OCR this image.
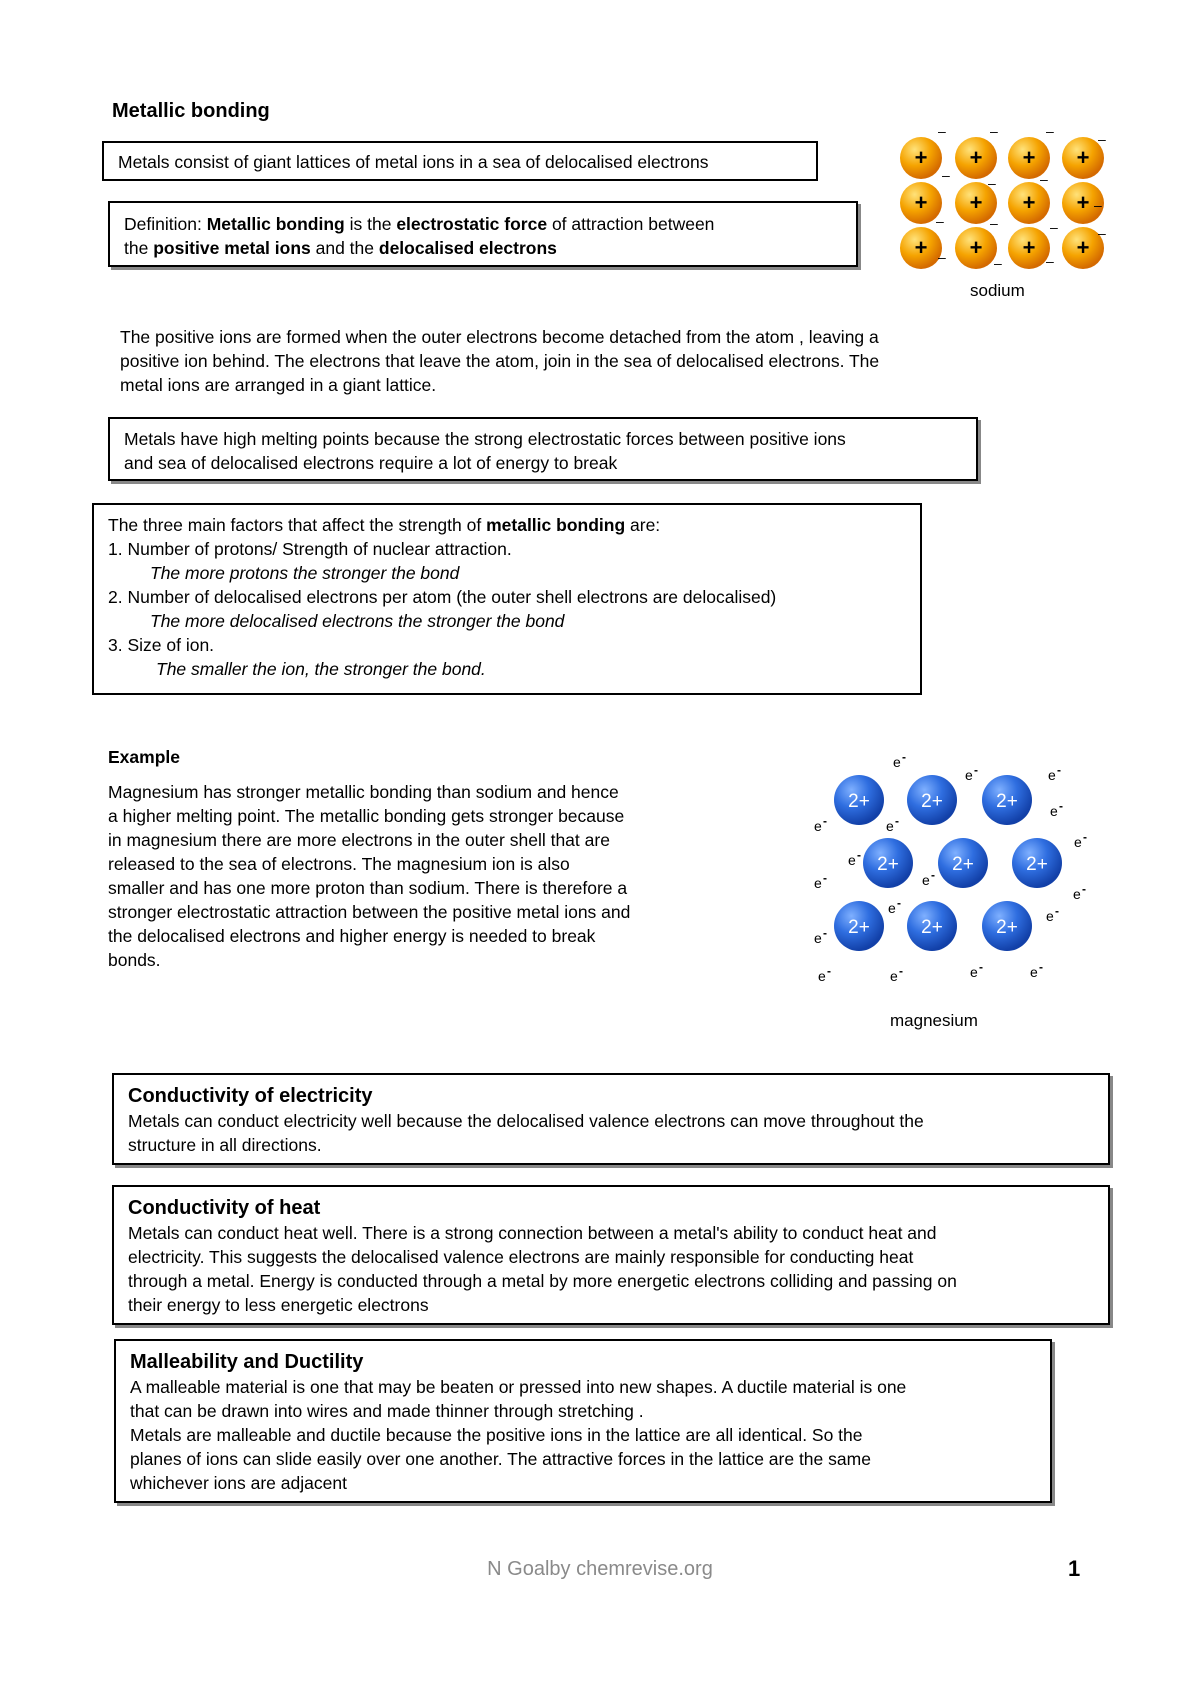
Metallic bonding
Metals consist of giant lattices of metal ions in a sea of delocalised electrons
Definition: Metallic bonding is the electrostatic force of attraction between
the positive metal ions and the delocalised electrons
+ + + +
+ + + +
+ + + +
–	–	–	–
–	–	–
–
–	–	–	–
–	–	–
sodium
The positive ions are formed when the outer electrons become detached from the atom , leaving a
positive ion behind. The electrons that leave the atom, join in the sea of delocalised electrons. The
metal ions are arranged in a giant lattice.
Metals have high melting points because the strong electrostatic forces between positive ions
and sea of delocalised electrons require a lot of energy to break
The three main factors that affect the strength of metallic bonding are:
1. Number of protons/ Strength of nuclear attraction.
The more protons the stronger the bond
2. Number of delocalised electrons per atom (the outer shell electrons are delocalised)
The more delocalised electrons the stronger the bond
3. Size of ion.
The smaller the ion, the stronger the bond.
Example
Magnesium has stronger metallic bonding than sodium and hence
a higher melting point. The metallic bonding gets stronger because
in magnesium there are more electrons in the outer shell that are
released to the sea of electrons. The magnesium ion is also
smaller and has one more proton than sodium. There is therefore a
stronger electrostatic attraction between the positive metal ions and
the delocalised electrons and higher energy is needed to break
bonds.
2+	2+	2+
2+	2+	2+
2+	2+	2+
e -
e -	e -
e -	e -
e -
e -
e -
e -
e -
e -
e -
e -
e -
e -	e -	e -	e -
magnesium
Conductivity of electricity
Metals can conduct electricity well because the delocalised valence electrons can move throughout the
structure in all directions.
Conductivity of heat
Metals can conduct heat well. There is a strong connection between a metal's ability to conduct heat and
electricity. This suggests the delocalised valence electrons are mainly responsible for conducting heat
through a metal. Energy is conducted through a metal by more energetic electrons colliding and passing on
their energy to less energetic electrons
Malleability and Ductility
A malleable material is one that may be beaten or pressed into new shapes. A ductile material is one
that can be drawn into wires and made thinner through stretching .
Metals are malleable and ductile because the positive ions in the lattice are all identical. So the
planes of ions can slide easily over one another. The attractive forces in the lattice are the same
whichever ions are adjacent
N Goalby chemrevise.org	1
